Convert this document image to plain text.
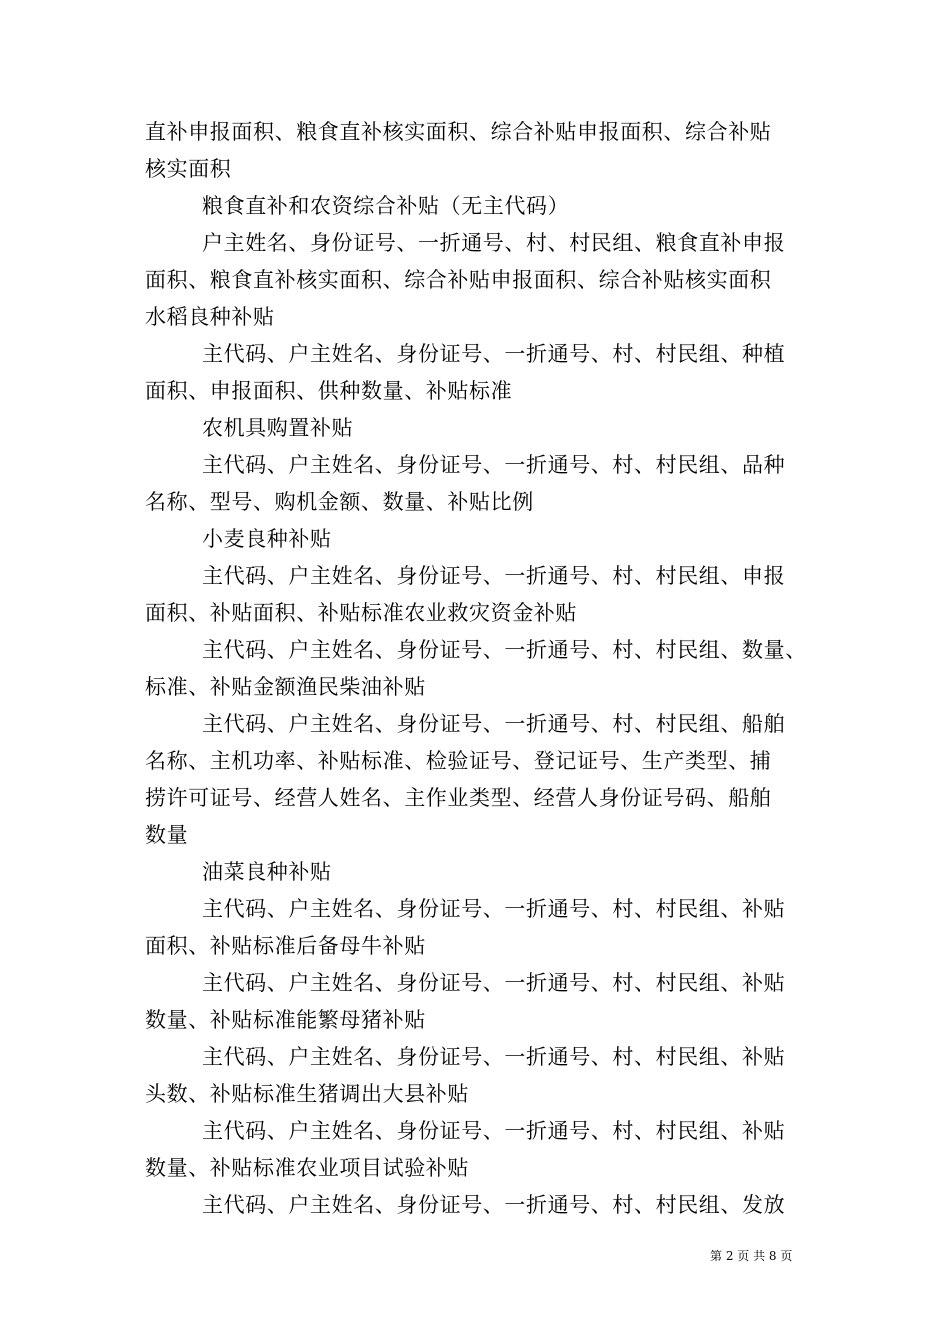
直补申报面积、粮食直补核实面积、综合补贴申报面积、综合补贴
核实面积
粮食直补和农资综合补贴（无主代码）
户主姓名、身份证号、一折通号、村、村民组、粮食直补申报
面积、粮食直补核实面积、综合补贴申报面积、综合补贴核实面积
水稻良种补贴
主代码、户主姓名、身份证号、一折通号、村、村民组、种植
面积、申报面积、供种数量、补贴标准
农机具购置补贴
主代码、户主姓名、身份证号、一折通号、村、村民组、品种
名称、型号、购机金额、数量、补贴比例
小麦良种补贴
主代码、户主姓名、身份证号、一折通号、村、村民组、申报
面积、补贴面积、补贴标准农业救灾资金补贴
主代码、户主姓名、身份证号、一折通号、村、村民组、数量、
标准、补贴金额渔民柴油补贴
主代码、户主姓名、身份证号、一折通号、村、村民组、船舶
名称、主机功率、补贴标准、检验证号、登记证号、生产类型、捕
捞许可证号、经营人姓名、主作业类型、经营人身份证号码、船舶
数量
油菜良种补贴
主代码、户主姓名、身份证号、一折通号、村、村民组、补贴
面积、补贴标准后备母牛补贴
主代码、户主姓名、身份证号、一折通号、村、村民组、补贴
数量、补贴标准能繁母猪补贴
主代码、户主姓名、身份证号、一折通号、村、村民组、补贴
头数、补贴标准生猪调出大县补贴
主代码、户主姓名、身份证号、一折通号、村、村民组、补贴
数量、补贴标准农业项目试验补贴
主代码、户主姓名、身份证号、一折通号、村、村民组、发放
第 2 页 共 8 页
